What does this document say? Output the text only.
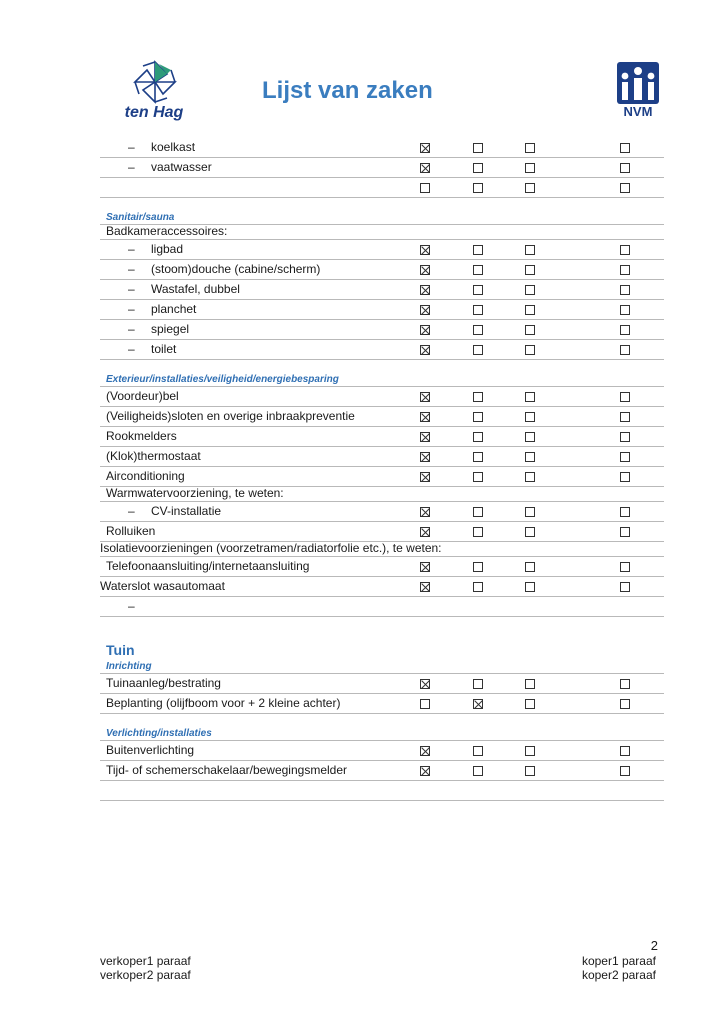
ten Hag
Lijst van zaken
NVM
– koelkast
– vaatwasser
Sanitair/sauna
Badkameraccessoires:
– ligbad
– (stoom)douche (cabine/scherm)
– Wastafel, dubbel
– planchet
– spiegel
– toilet
Exterieur/installaties/veiligheid/energiebesparing
(Voordeur)bel
(Veiligheids)sloten en overige inbraakpreventie
Rookmelders
(Klok)thermostaat
Airconditioning
Warmwatervoorziening, te weten:
– CV-installatie
Rolluiken
Isolatievoorzieningen (voorzetramen/radiatorfolie etc.), te weten:
Telefoonaansluiting/internetaansluiting
Waterslot wasautomaat
–
Tuin
Inrichting
Tuinaanleg/bestrating
Beplanting (olijfboom voor + 2 kleine achter)
Verlichting/installaties
Buitenverlichting
Tijd- of schemerschakelaar/bewegingsmelder
2
verkoper1 paraaf
verkoper2 paraaf
koper1 paraaf
koper2 paraaf
